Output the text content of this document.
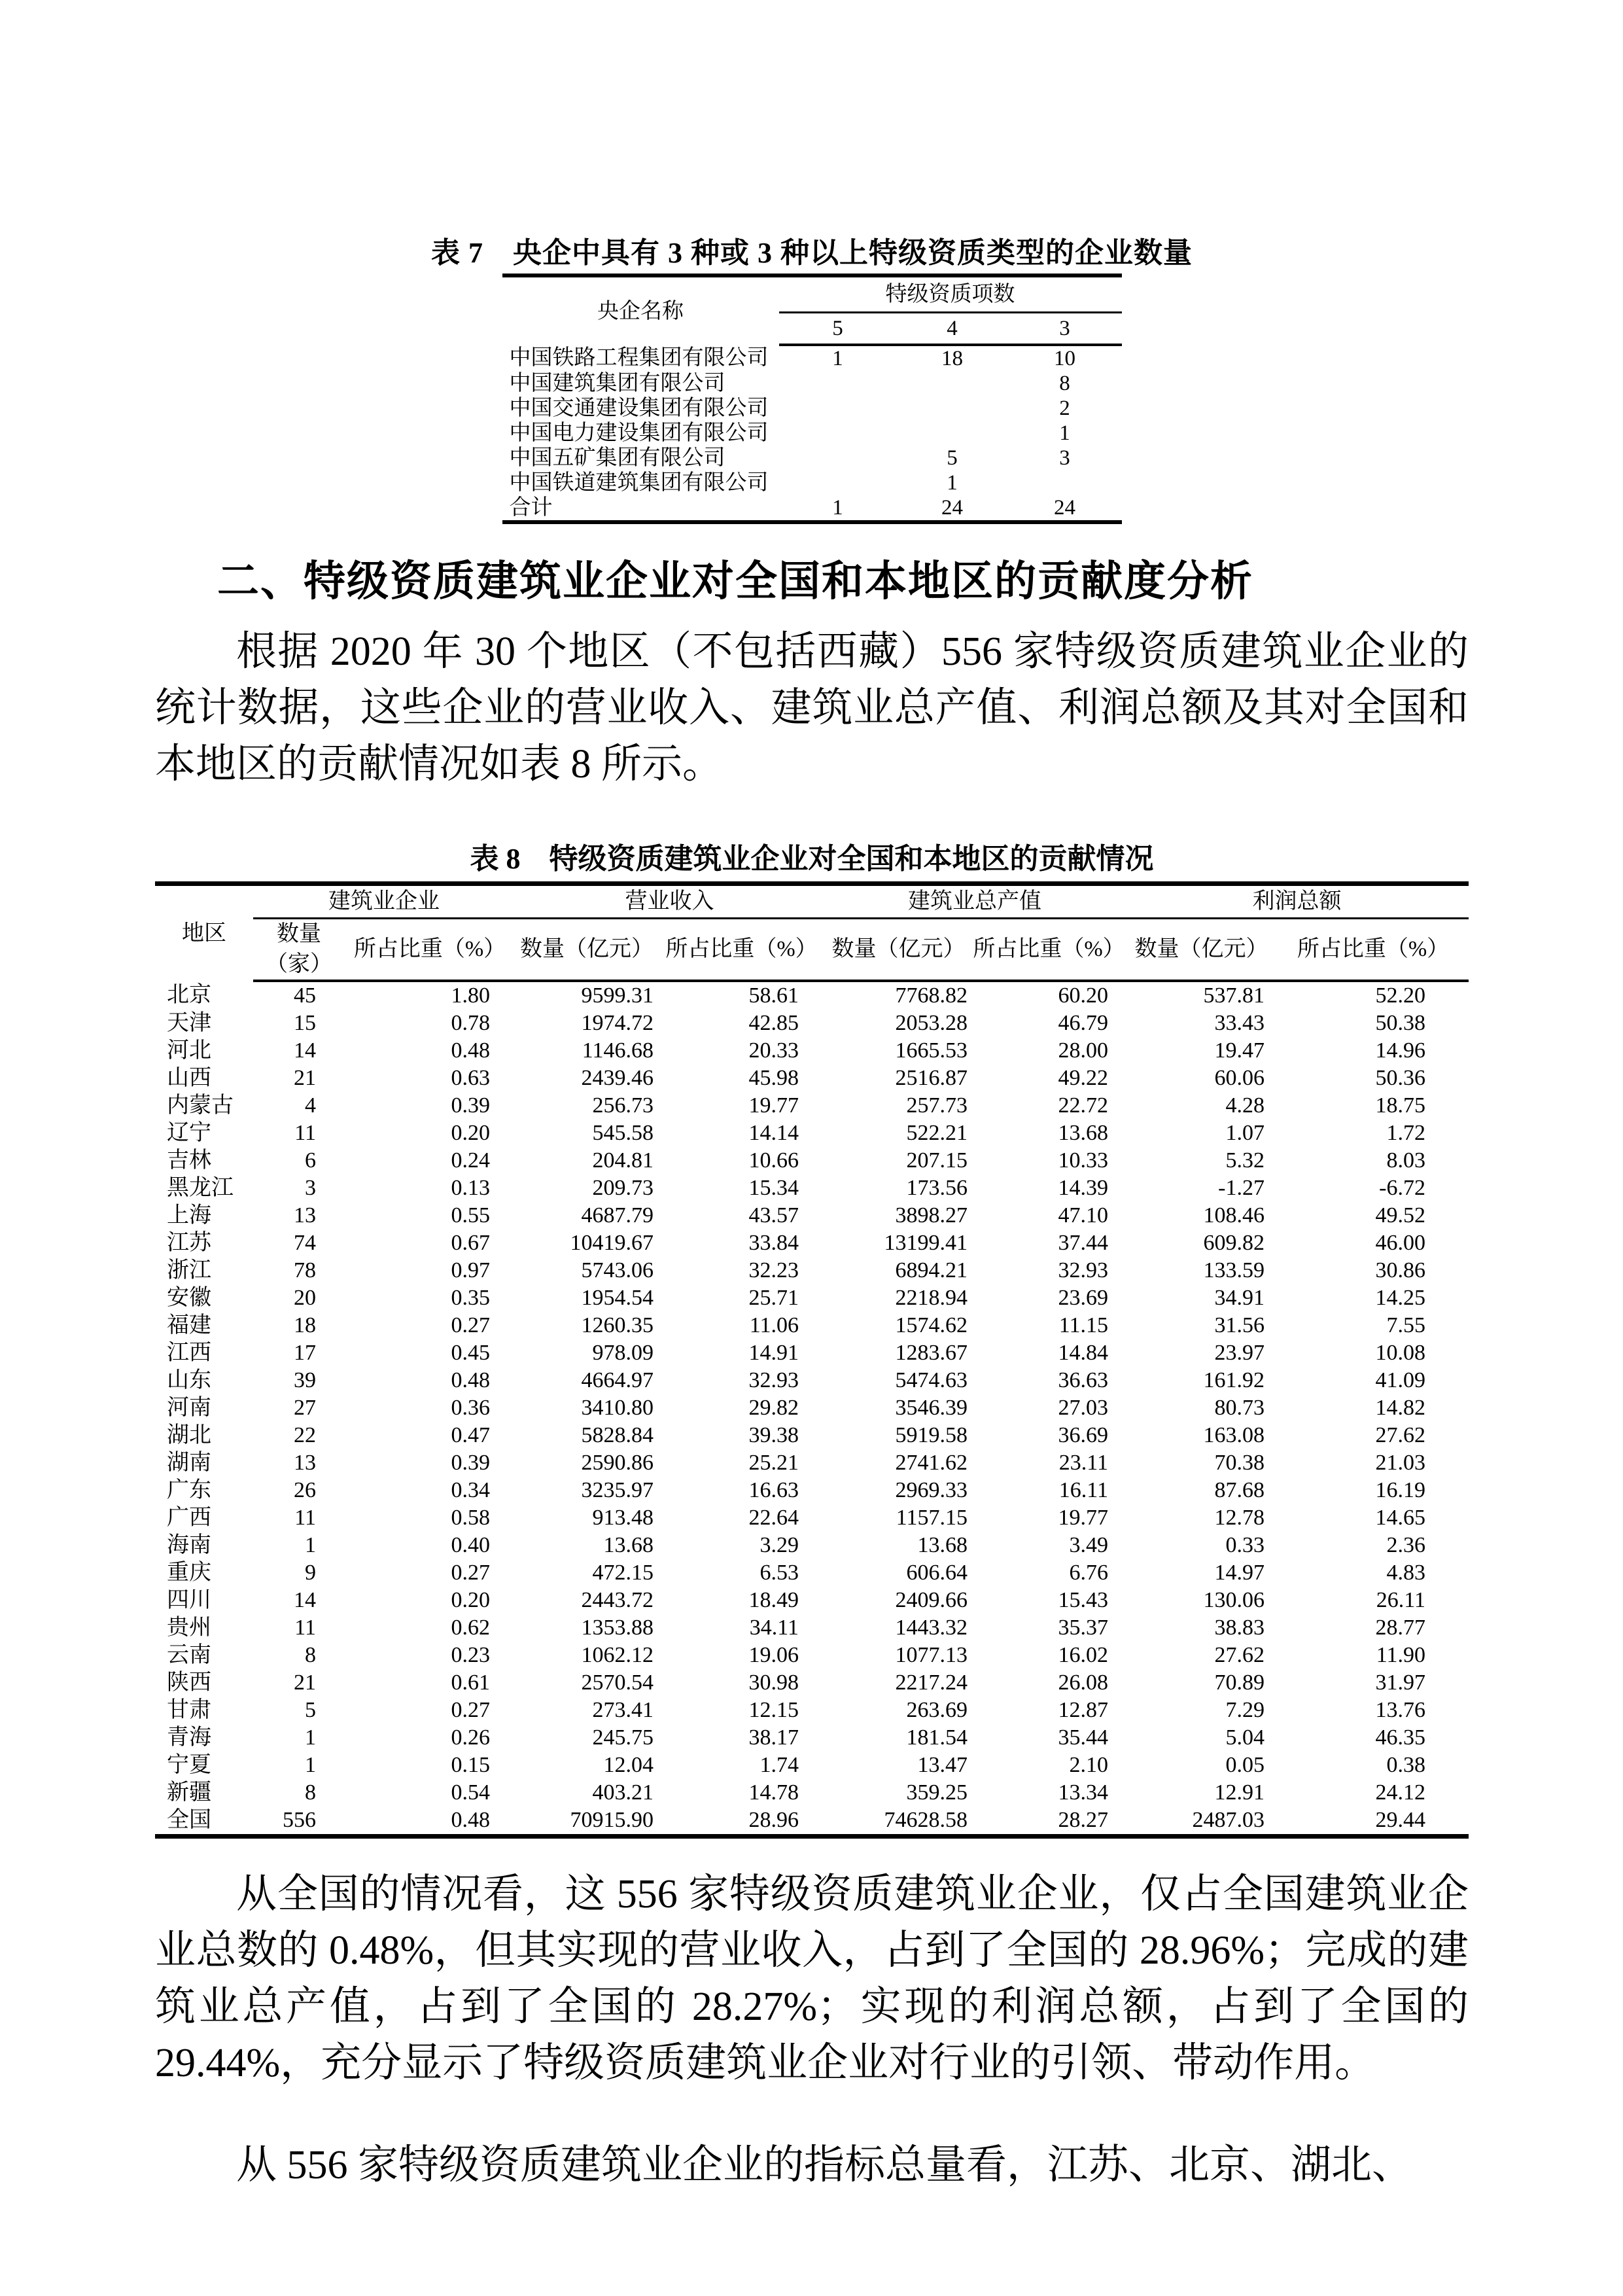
表 7　央企中具有 3 种或 3 种以上特级资质类型的企业数量
央企名称	特级资质项数		
	5	4	3
中国铁路工程集团有限公司	1	18	10
中国建筑集团有限公司			8
中国交通建设集团有限公司			2
中国电力建设集团有限公司			1
中国五矿集团有限公司		5	3
中国铁道建筑集团有限公司		1	
合计	1	24	24
二、特级资质建筑业企业对全国和本地区的贡献度分析

根据 2020 年 30 个地区（不包括西藏）556 家特级资质建筑业企业的统计数据，这些企业的营业收入、建筑业总产值、利润总额及其对全国和本地区的贡献情况如表 8 所示。

表 8　特级资质建筑业企业对全国和本地区的贡献情况
地区	建筑业企业		营业收入		建筑业总产值		利润总额	
	数量（家）	所占比重（%）	数量（亿元）	所占比重（%）	数量（亿元）	所占比重（%）	数量（亿元）	所占比重（%）
北京	45	1.80	9599.31	58.61	7768.82	60.20	537.81	52.20
天津	15	0.78	1974.72	42.85	2053.28	46.79	33.43	50.38
河北	14	0.48	1146.68	20.33	1665.53	28.00	19.47	14.96
山西	21	0.63	2439.46	45.98	2516.87	49.22	60.06	50.36
内蒙古	4	0.39	256.73	19.77	257.73	22.72	4.28	18.75
辽宁	11	0.20	545.58	14.14	522.21	13.68	1.07	1.72
吉林	6	0.24	204.81	10.66	207.15	10.33	5.32	8.03
黑龙江	3	0.13	209.73	15.34	173.56	14.39	-1.27	-6.72
上海	13	0.55	4687.79	43.57	3898.27	47.10	108.46	49.52
江苏	74	0.67	10419.67	33.84	13199.41	37.44	609.82	46.00
浙江	78	0.97	5743.06	32.23	6894.21	32.93	133.59	30.86
安徽	20	0.35	1954.54	25.71	2218.94	23.69	34.91	14.25
福建	18	0.27	1260.35	11.06	1574.62	11.15	31.56	7.55
江西	17	0.45	978.09	14.91	1283.67	14.84	23.97	10.08
山东	39	0.48	4664.97	32.93	5474.63	36.63	161.92	41.09
河南	27	0.36	3410.80	29.82	3546.39	27.03	80.73	14.82
湖北	22	0.47	5828.84	39.38	5919.58	36.69	163.08	27.62
湖南	13	0.39	2590.86	25.21	2741.62	23.11	70.38	21.03
广东	26	0.34	3235.97	16.63	2969.33	16.11	87.68	16.19
广西	11	0.58	913.48	22.64	1157.15	19.77	12.78	14.65
海南	1	0.40	13.68	3.29	13.68	3.49	0.33	2.36
重庆	9	0.27	472.15	6.53	606.64	6.76	14.97	4.83
四川	14	0.20	2443.72	18.49	2409.66	15.43	130.06	26.11
贵州	11	0.62	1353.88	34.11	1443.32	35.37	38.83	28.77
云南	8	0.23	1062.12	19.06	1077.13	16.02	27.62	11.90
陕西	21	0.61	2570.54	30.98	2217.24	26.08	70.89	31.97
甘肃	5	0.27	273.41	12.15	263.69	12.87	7.29	13.76
青海	1	0.26	245.75	38.17	181.54	35.44	5.04	46.35
宁夏	1	0.15	12.04	1.74	13.47	2.10	0.05	0.38
新疆	8	0.54	403.21	14.78	359.25	13.34	12.91	24.12
全国	556	0.48	70915.90	28.96	74628.58	28.27	2487.03	29.44

从全国的情况看，这 556 家特级资质建筑业企业，仅占全国建筑业企业总数的 0.48%，但其实现的营业收入，占到了全国的 28.96%；完成的建筑业总产值，占到了全国的 28.27%；实现的利润总额，占到了全国的 29.44%，充分显示了特级资质建筑业企业对行业的引领、带动作用。

从 556 家特级资质建筑业企业的指标总量看，江苏、北京、湖北、
